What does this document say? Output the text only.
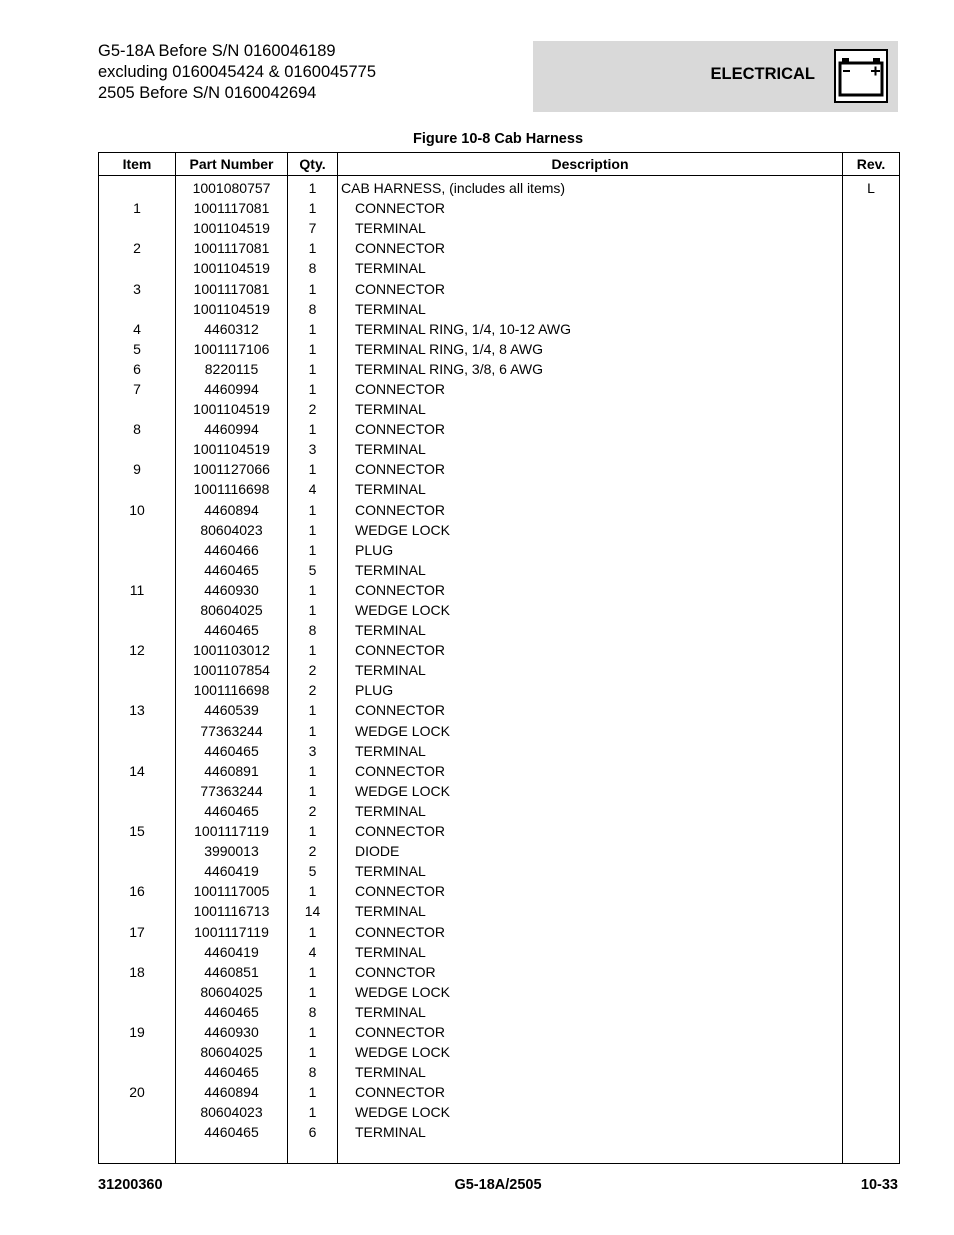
G5-18A Before S/N 0160046189
excluding 0160045424 & 0160045775
2505 Before S/N 0160042694
ELECTRICAL
Figure 10-8 Cab Harness
Item	Part Number	Qty.	Description	Rev.
	1001080757	1	CAB HARNESS, (includes all items)	L
1	1001117081	1	CONNECTOR	
	1001104519	7	TERMINAL	
2	1001117081	1	CONNECTOR	
	1001104519	8	TERMINAL	
3	1001117081	1	CONNECTOR	
	1001104519	8	TERMINAL	
4	4460312	1	TERMINAL RING, 1/4, 10-12 AWG	
5	1001117106	1	TERMINAL RING, 1/4, 8 AWG	
6	8220115	1	TERMINAL RING, 3/8, 6 AWG	
7	4460994	1	CONNECTOR	
	1001104519	2	TERMINAL	
8	4460994	1	CONNECTOR	
	1001104519	3	TERMINAL	
9	1001127066	1	CONNECTOR	
	1001116698	4	TERMINAL	
10	4460894	1	CONNECTOR	
	80604023	1	WEDGE LOCK	
	4460466	1	PLUG	
	4460465	5	TERMINAL	
11	4460930	1	CONNECTOR	
	80604025	1	WEDGE LOCK	
	4460465	8	TERMINAL	
12	1001103012	1	CONNECTOR	
	1001107854	2	TERMINAL	
	1001116698	2	PLUG	
13	4460539	1	CONNECTOR	
	77363244	1	WEDGE LOCK	
	4460465	3	TERMINAL	
14	4460891	1	CONNECTOR	
	77363244	1	WEDGE LOCK	
	4460465	2	TERMINAL	
15	1001117119	1	CONNECTOR	
	3990013	2	DIODE	
	4460419	5	TERMINAL	
16	1001117005	1	CONNECTOR	
	1001116713	14	TERMINAL	
17	1001117119	1	CONNECTOR	
	4460419	4	TERMINAL	
18	4460851	1	CONNCTOR	
	80604025	1	WEDGE LOCK	
	4460465	8	TERMINAL	
19	4460930	1	CONNECTOR	
	80604025	1	WEDGE LOCK	
	4460465	8	TERMINAL	
20	4460894	1	CONNECTOR	
	80604023	1	WEDGE LOCK	
	4460465	6	TERMINAL	

31200360	G5-18A/2505	10-33
